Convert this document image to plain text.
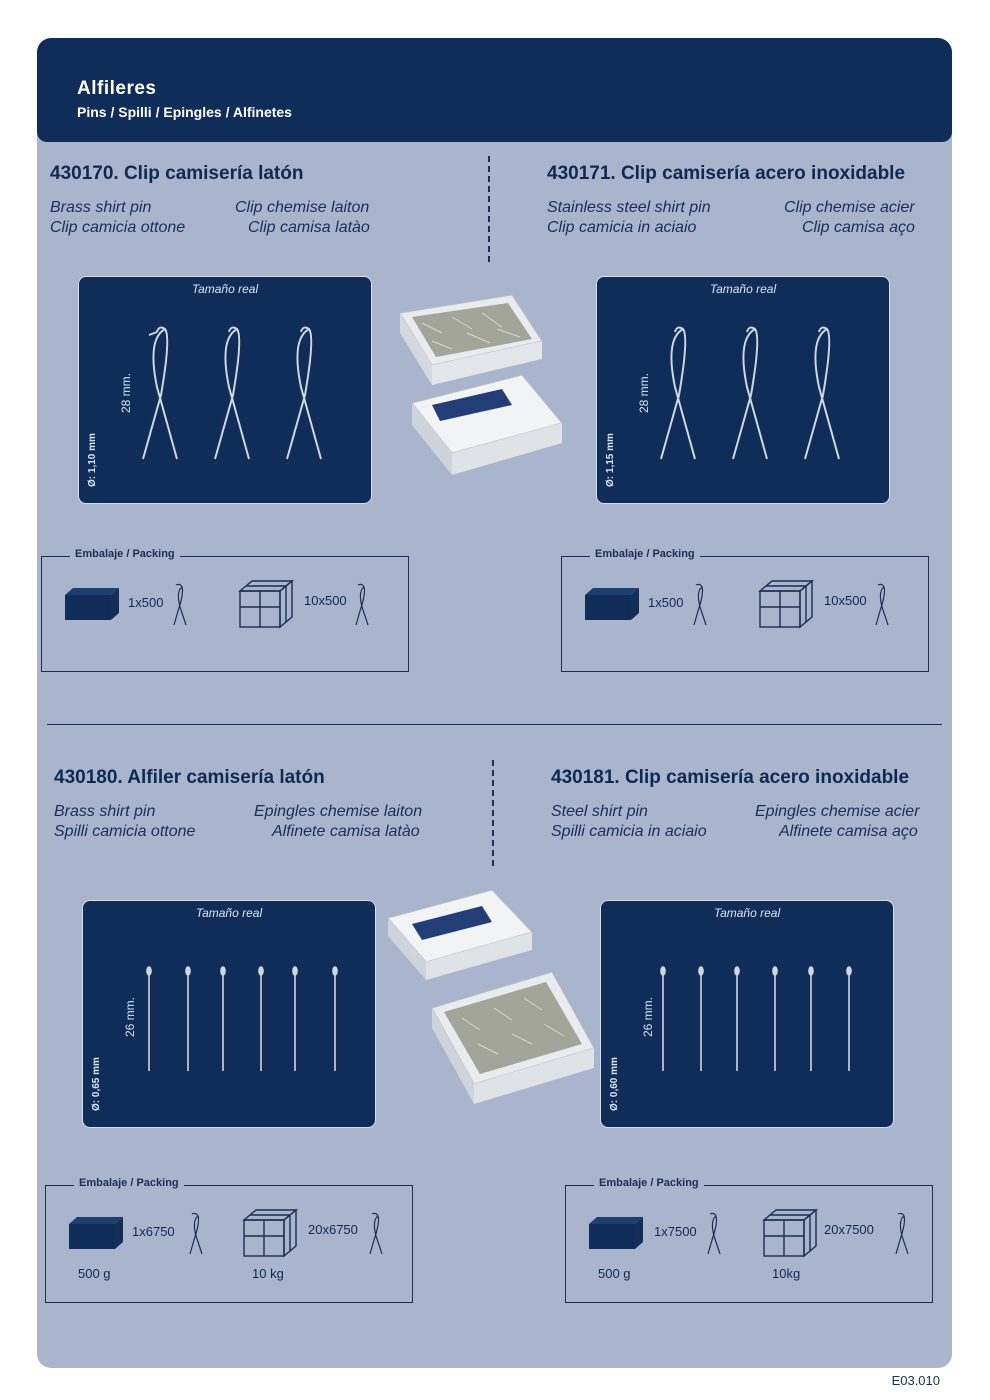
Alfileres
Pins / Spilli / Epingles / Alfinetes
430170. Clip camisería latón
Brass shirt pin	Clip chemise laiton
Clip camicia ottone	Clip camisa latào
Tamaño real
28 mm.
Ø: 1,10 mm
Embalaje / Packing
1x500	10x500
430171. Clip camisería acero inoxidable
Stainless steel shirt pin	Clip chemise acier
Clip camicia in aciaio	Clip camisa aço
Tamaño real
28 mm.
Ø: 1,15 mm
Embalaje / Packing
1x500	10x500
430180. Alfiler camisería latón
Brass shirt pin	Epingles chemise laiton
Spilli camicia ottone	Alfinete camisa latào
Tamaño real
26 mm.
Ø: 0,65 mm
Embalaje / Packing
1x6750
500 g
20x6750
10 kg
430181. Clip camisería acero inoxidable
Steel shirt pin	Epingles chemise acier
Spilli camicia in aciaio	Alfinete camisa aço
Tamaño real
26 mm.
Ø: 0,60 mm
Embalaje / Packing
1x7500
500 g
20x7500
10kg
E03.010
